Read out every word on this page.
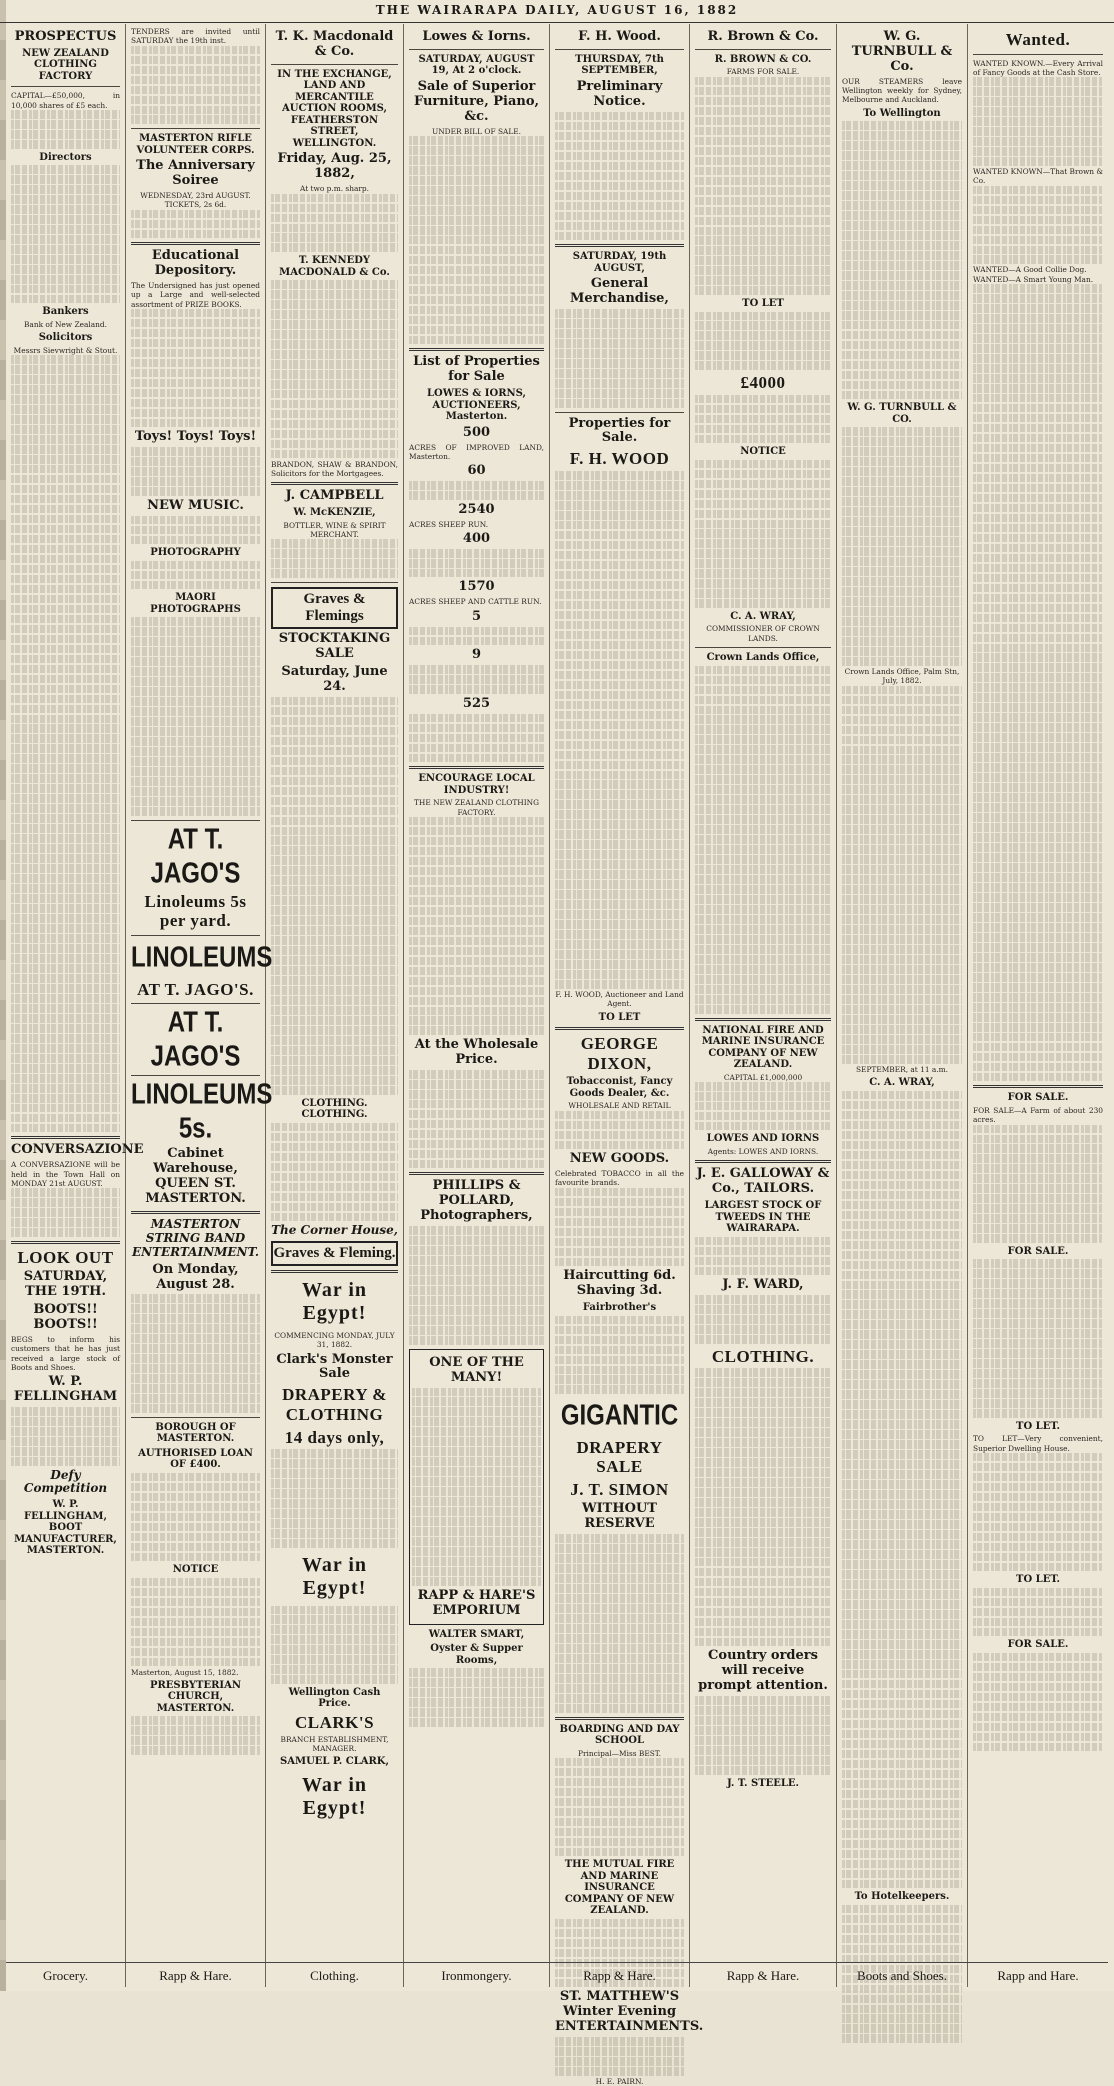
THE WAIRARAPA DAILY, AUGUST 16, 1882
PROSPECTUS
NEW ZEALAND CLOTHING FACTORY
CAPITAL—£50,000, in 10,000 shares of £5 each.
Directors
Bankers
Bank of New Zealand.
Solicitors
Messrs Sievwright & Stout.
CONVERSAZIONE
A CONVERSAZIONE will be held in the Town Hall on MONDAY 21st AUGUST.
LOOK OUT
SATURDAY, THE 19TH.
BOOTS!! BOOTS!!
BEGS to inform his customers that he has just received a large stock of Boots and Shoes.
W. P. FELLINGHAM
Defy Competition
W. P. FELLINGHAM, BOOT MANUFACTURER, MASTERTON.
TENDERS are invited until SATURDAY the 19th inst.
MASTERTON RIFLE VOLUNTEER CORPS.
The Anniversary Soiree
WEDNESDAY, 23rd AUGUST.
TICKETS, 2s 6d.
Educational Depository.
The Undersigned has just opened up a Large and well-selected assortment of PRIZE BOOKS.
Toys! Toys! Toys!
NEW MUSIC.
PHOTOGRAPHY
MAORI PHOTOGRAPHS
AT T. JAGO'S
Linoleums 5s per yard.
LINOLEUMS
AT T. JAGO'S.
AT T. JAGO'S
LINOLEUMS 5s.
Cabinet Warehouse, QUEEN ST. MASTERTON.
MASTERTON STRING BAND ENTERTAINMENT.
On Monday, August 28.
BOROUGH OF MASTERTON.
AUTHORISED LOAN OF £400.
NOTICE
Masterton, August 15, 1882.
PRESBYTERIAN CHURCH, MASTERTON.
T. K. Macdonald & Co.
IN THE EXCHANGE, LAND AND MERCANTILE AUCTION ROOMS, FEATHERSTON STREET, WELLINGTON.
Friday, Aug. 25, 1882,
At two p.m. sharp.
T. KENNEDY MACDONALD & Co.
BRANDON, SHAW & BRANDON, Solicitors for the Mortgagees.
J. CAMPBELL
W. McKENZIE,
BOTTLER, WINE & SPIRIT MERCHANT.
Graves & Flemings
STOCKTAKING SALE
Saturday, June 24.
CLOTHING. CLOTHING.
The Corner House,
Graves & Fleming.
War in Egypt!
COMMENCING MONDAY, JULY 31, 1882.
Clark's Monster Sale
DRAPERY & CLOTHING
14 days only,
War in Egypt!
Wellington Cash Price.
CLARK'S
BRANCH ESTABLISHMENT, MANAGER.
SAMUEL P. CLARK,
War in Egypt!
Lowes & Iorns.
SATURDAY, AUGUST 19, At 2 o'clock.
Sale of Superior Furniture, Piano, &c.
UNDER BILL OF SALE.
List of Properties for Sale
LOWES & IORNS, AUCTIONEERS, Masterton.
500
ACRES OF IMPROVED LAND, Masterton.
60
2540
ACRES SHEEP RUN.
400
1570
ACRES SHEEP AND CATTLE RUN.
5
9
525
ENCOURAGE LOCAL INDUSTRY!
THE NEW ZEALAND CLOTHING FACTORY.
At the Wholesale Price.
PHILLIPS & POLLARD, Photographers,
ONE OF THE MANY!
RAPP & HARE'S EMPORIUM
WALTER SMART,
Oyster & Supper Rooms,
F. H. Wood.
THURSDAY, 7th SEPTEMBER,
Preliminary Notice.
SATURDAY, 19th AUGUST,
General Merchandise,
Properties for Sale.
F. H. WOOD
F. H. WOOD, Auctioneer and Land Agent.
TO LET
GEORGE DIXON,
Tobacconist, Fancy Goods Dealer, &c.
WHOLESALE AND RETAIL
NEW GOODS.
Celebrated TOBACCO in all the favourite brands.
Haircutting 6d. Shaving 3d.
Fairbrother's
GIGANTIC
DRAPERY SALE
J. T. SIMON
WITHOUT RESERVE
BOARDING AND DAY SCHOOL
Principal—Miss BEST.
THE MUTUAL FIRE AND MARINE INSURANCE COMPANY OF NEW ZEALAND.
ST. MATTHEW'S Winter Evening ENTERTAINMENTS.
H. E. PAIRN.
R. Brown & Co.
R. BROWN & CO.
FARMS FOR SALE.
TO LET
£4000
NOTICE
C. A. WRAY,
COMMISSIONER OF CROWN LANDS.
Crown Lands Office,
NATIONAL FIRE AND MARINE INSURANCE COMPANY OF NEW ZEALAND.
CAPITAL £1,000,000
LOWES AND IORNS
Agents: LOWES AND IORNS.
J. E. GALLOWAY & Co., TAILORS.
LARGEST STOCK OF TWEEDS IN THE WAIRARAPA.
J. F. WARD,
CLOTHING.
Country orders will receive prompt attention.
J. T. STEELE.
W. G. TURNBULL & Co.
OUR STEAMERS leave Wellington weekly for Sydney, Melbourne and Auckland.
To Wellington
W. G. TURNBULL & CO.
Crown Lands Office, Palm Stn, July, 1882.
SEPTEMBER, at 11 a.m.
C. A. WRAY,
To Hotelkeepers.
Wanted.
WANTED KNOWN.—Every Arrival of Fancy Goods at the Cash Store.
WANTED KNOWN—That Brown & Co.
WANTED—A Good Collie Dog.
WANTED—A Smart Young Man.
FOR SALE.
FOR SALE—A Farm of about 230 acres.
FOR SALE.
TO LET.
TO LET—Very convenient, Superior Dwelling House.
TO LET.
FOR SALE.
Grocery.	Rapp & Hare.	Clothing.	Ironmongery.	Rapp & Hare.	Rapp & Hare.	Boots and Shoes.	Rapp and Hare.
